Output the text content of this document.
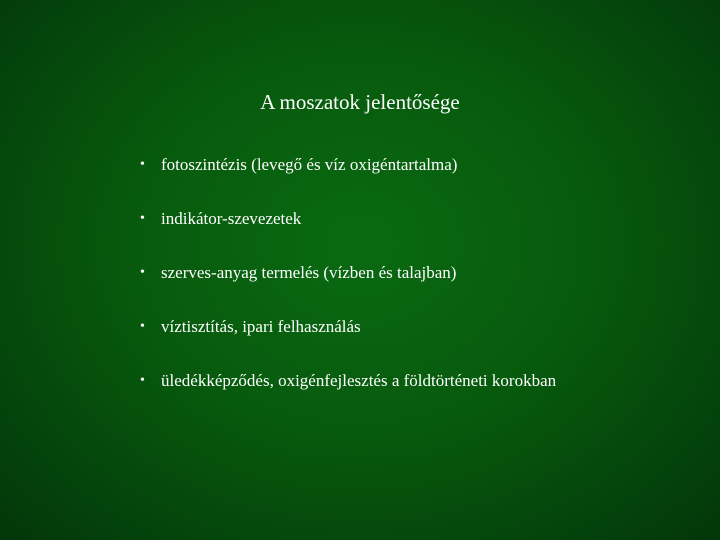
A moszatok jelentősége
• fotoszintézis (levegő és víz oxigéntartalma)
• indikátor-szevezetek
• szerves-anyag termelés (vízben és talajban)
• víztisztítás, ipari felhasználás
• üledékképződés, oxigénfejlesztés a földtörténeti korokban
